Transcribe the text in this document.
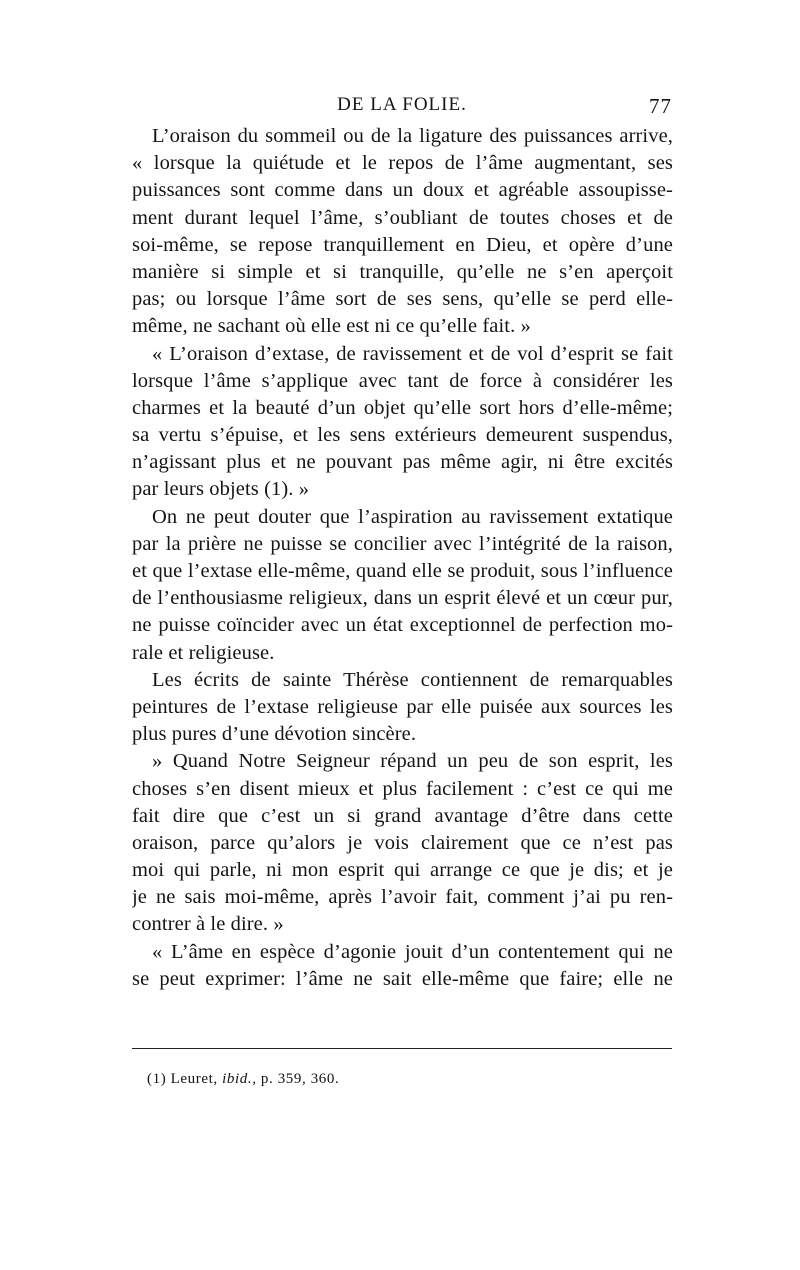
DE LA FOLIE.	77
L’oraison du sommeil ou de la ligature des puissances arrive,
« lorsque la quiétude et le repos de l’âme augmentant, ses
puissances sont comme dans un doux et agréable assoupisse-
ment durant lequel l’âme, s’oubliant de toutes choses et de
soi-même, se repose tranquillement en Dieu, et opère d’une
manière si simple et si tranquille, qu’elle ne s’en aperçoit
pas; ou lorsque l’âme sort de ses sens, qu’elle se perd elle-
même, ne sachant où elle est ni ce qu’elle fait. »
« L’oraison d’extase, de ravissement et de vol d’esprit se fait
lorsque l’âme s’applique avec tant de force à considérer les
charmes et la beauté d’un objet qu’elle sort hors d’elle-même;
sa vertu s’épuise, et les sens extérieurs demeurent suspendus,
n’agissant plus et ne pouvant pas même agir, ni être excités
par leurs objets (1). »
On ne peut douter que l’aspiration au ravissement extatique
par la prière ne puisse se concilier avec l’intégrité de la raison,
et que l’extase elle-même, quand elle se produit, sous l’influence
de l’enthousiasme religieux, dans un esprit élevé et un cœur pur,
ne puisse coïncider avec un état exceptionnel de perfection mo-
rale et religieuse.
Les écrits de sainte Thérèse contiennent de remarquables
peintures de l’extase religieuse par elle puisée aux sources les
plus pures d’une dévotion sincère.
» Quand Notre Seigneur répand un peu de son esprit, les
choses s’en disent mieux et plus facilement : c’est ce qui me
fait dire que c’est un si grand avantage d’être dans cette
oraison, parce qu’alors je vois clairement que ce n’est pas
moi qui parle, ni mon esprit qui arrange ce que je dis; et je
je ne sais moi-même, après l’avoir fait, comment j’ai pu ren-
contrer à le dire. »
« L’âme en espèce d’agonie jouit d’un contentement qui ne
se peut exprimer: l’âme ne sait elle-même que faire; elle ne
(1) Leuret, ibid., p. 359, 360.
